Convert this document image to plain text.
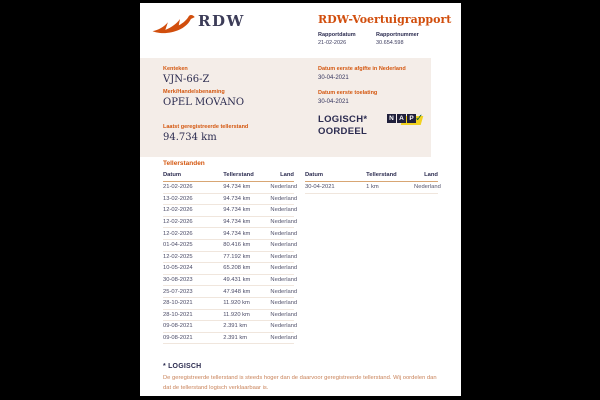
RDW	RDW-Voertuigrapport
Rapportdatum
21-02-2026
Rapportnummer
30.654.598
Kenteken
VJN-66-Z
Merk/Handelsbenaming
OPEL MOVANO
Laatst geregistreerde tellerstand
94.734 km
Datum eerste afgifte in Nederland
30-04-2021
Datum eerste toelating
30-04-2021
LOGISCH*
OORDEEL
N A P ✓
Tellerstanden
Datum	Tellerstand	Land
21-02-2026	94.734 km	Nederland
13-02-2026	94.734 km	Nederland
12-02-2026	94.734 km	Nederland
12-02-2026	94.734 km	Nederland
12-02-2026	94.734 km	Nederland
01-04-2025	80.416 km	Nederland
12-02-2025	77.192 km	Nederland
10-05-2024	65.208 km	Nederland
30-08-2023	49.431 km	Nederland
25-07-2023	47.948 km	Nederland
28-10-2021	11.920 km	Nederland
28-10-2021	11.920 km	Nederland
09-08-2021	2.391 km	Nederland
09-08-2021	2.391 km	Nederland
Datum	Tellerstand	Land
30-04-2021	1 km	Nederland
* LOGISCH
De geregistreerde tellerstand is steeds hoger dan de daarvoor geregistreerde tellerstand. Wij oordelen dan dat de tellerstand logisch verklaarbaar is.
